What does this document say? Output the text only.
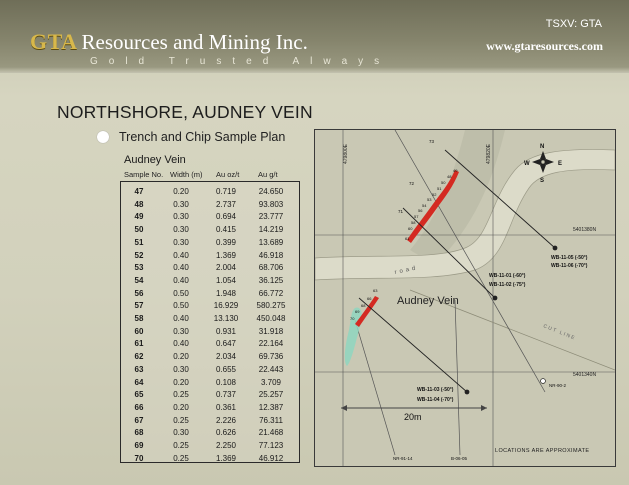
GTA Resources and Mining Inc.
Gold Trusted Always
TSXV: GTA
www.gtaresources.com
NORTHSHORE, AUDNEY VEIN
Trench and Chip Sample Plan
Audney Vein
Sample No. Width (m) Au oz/t Au g/t
47	0.20	0.719	24.650
48	0.30	2.737	93.803
49	0.30	0.694	23.777
50	0.30	0.415	14.219
51	0.30	0.399	13.689
52	0.40	1.369	46.918
53	0.40	2.004	68.706
54	0.40	1.054	36.125
56	0.50	1.948	66.772
57	0.50	16.929	580.275
58	0.40	13.130	450.048
60	0.30	0.931	31.918
61	0.40	0.647	22.164
62	0.20	2.034	69.736
63	0.30	0.655	22.443
64	0.20	0.108	3.709
65	0.25	0.737	25.257
66	0.20	0.361	12.387
67	0.25	2.226	76.311
68	0.30	0.626	21.468
69	0.25	2.250	77.123
70	0.25	1.369	46.912
N
S
W	E
479800E	479820E
5401380N
5401340N
Audney Vein
road
CUT LINE
WB-11-05 (-50°)
WB-11-06 (-70°)
WB-11-01 (-60°)
WB-11-02 (-75°)
WB-11-03 (-50°)
WB-11-04 (-70°)
NR-90-2
NR-91-14	B-06-05
73
72
71
49
48
50
51
52
53
54
56
57
58
60
61
63
66
68
69
70
20m
LOCATIONS ARE APPROXIMATE
